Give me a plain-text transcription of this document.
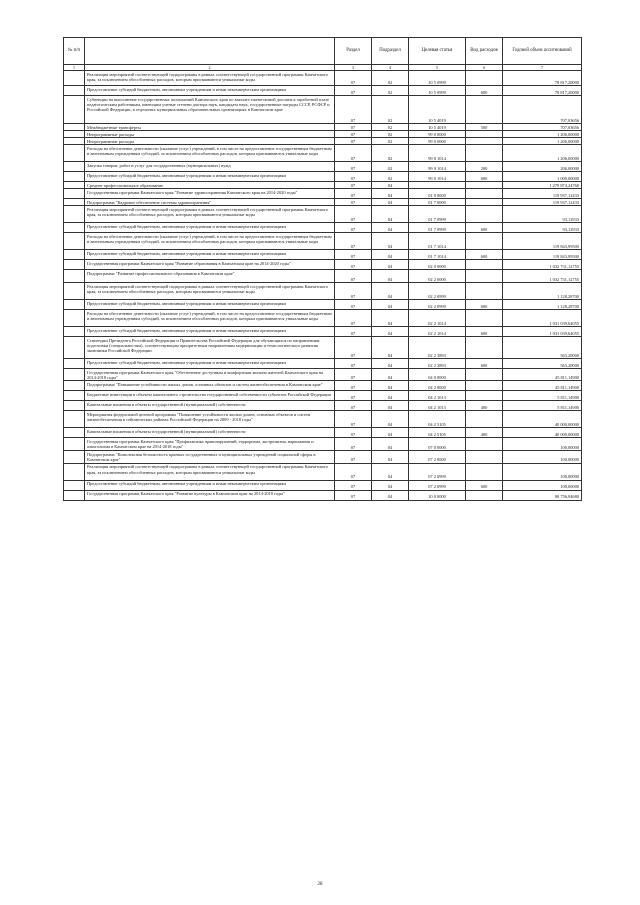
№ п/п		Раздел	Подраздел	Целевая статья	Вид расходов	Годовой объем ассигнований
1	2	3	4	5	6	7
	Реализация мероприятий соответствующей подпрограммы в рамках соответствующей государственной программы Камчатского края, за исключением обособленных расходов, которым присваиваются уникальные коды	07	02	10 5 0999		78 817,20000
	Предоставление субсидий бюджетным, автономным учреждениям и иным некоммерческим организациям	07	02	10 5 0999	600	78 817,20000
	Субвенции на выполнение государственных полномочий Камчатского края по выплате ежемесячной доплаты к заработной плате педагогическим работникам, имеющим ученые степени доктора наук, кандидата наук, государственные награды СССР, РСФСР и Российской Федерации, в отдельных муниципальных образовательных организациях в Камчатском крае	07	02	10 5 4019		707,03656
	Межбюджетные трансферты	07	02	10 5 4019	500	707,03656
	Непрограммные расходы	07	02	99 0 0000		1 206,00000
	Непрограммные расходы	07	02	99 0 0000		1 206,00000
	Расходы на обеспечение деятельности (оказание услуг) учреждений, в том числе на предоставление государственным бюджетным и автономным учреждениям субсидий, за исключением обособленных расходов, которым присваиваются уникальные коды	07	02	99 0 1014		1 206,00000
	Закупка товаров, работ и услуг для государственных (муниципальных) нужд	07	02	99 0 1014	200	206,00000
	Предоставление субсидий бюджетным, автономным учреждениям и иным некоммерческим организациям	07	02	99 0 1014	600	1 000,00000
	Среднее профессиональное образование	07	04			1 279 874,24768
	Государственная программа Камчатского края "Развитие здравоохранения Камчатского края на 2014-2020 годы"	07	04	01 0 0000		119 937,12433
	Подпрограмма "Кадровое обеспечение системы здравоохранения"	07	04	01 7 0000		119 937,12433
	Реализация мероприятий соответствующей подпрограммы в рамках соответствующей государственной программы Камчатского края, за исключением обособленных расходов, которым присваиваются уникальные коды	07	04	01 7 0999		93,12933
	Предоставление субсидий бюджетным, автономным учреждениям и иным некоммерческим организациям	07	04	01 7 0999	600	93,12933
	Расходы на обеспечение деятельности (оказание услуг) учреждений, в том числе на предоставление государственным бюджетным и автономным учреждениям субсидий, за исключением обособленных расходов, которым присваиваются уникальные коды	07	04	01 7 1014		119 843,99500
	Предоставление субсидий бюджетным, автономным учреждениям и иным некоммерческим организациям	07	04	01 7 1014	600	119 843,99500
	Государственная программа Камчатского края "Развитие образования в Камчатском крае на 2014-2020 годы"	07	04	02 0 0000		1 032 731,12755
	Подпрограмма "Развитие профессионального образования в Камчатском крае"	07	04	02 2 0000		1 032 731,12755
	Реализация мероприятий соответствующей подпрограммы в рамках соответствующей государственной программы Камчатского края, за исключением обособленных расходов, которым присваиваются уникальные коды	07	04	02 2 0999		1 128,28700
	Предоставление субсидий бюджетным, автономным учреждениям и иным некоммерческим организациям	07	04	02 2 0999	600	1 128,28700
	Расходы на обеспечение деятельности (оказание услуг) учреждений, в том числе на предоставление государственным бюджетным и автономным учреждениям субсидий, за исключением обособленных расходов, которым присваиваются уникальные коды	07	04	02 2 1014		1 031 039,64055
	Предоставление субсидий бюджетным, автономным учреждениям и иным некоммерческим организациям	07	04	02 2 1014	600	1 031 039,64055
	Стипендии Президента Российской Федерации и Правительства Российской Федерации для обучающихся по направлениям подготовки (специальностям), соответствующим приоритетным направлениям модернизации и технологического развития экономики Российской Федерации	07	04	02 2 3893		563,20000
	Предоставление субсидий бюджетным, автономным учреждениям и иным некоммерческим организациям	07	04	02 2 3893	600	563,20000
	Государственная программа Камчатского края "Обеспечение доступным и комфортным жильем жителей Камчатского края на 2014-2018 годы"	07	04	04 0 0000		45 811,14900
	Подпрограмма "Повышение устойчивости жилых домов, основных объектов и систем жизнеобеспечения в Камчатском крае"	07	04	04 2 0000		45 811,14900
	Бюджетные инвестиции в объекты капитального строительства государственной собственности субъектов Российской Федерации	07	04	04 2 1013		5 811,14900
	Капитальные вложения в объекты государственной (муниципальной) собственности	07	04	04 2 1013	400	5 811,14900
	Мероприятия федеральной целевой программы "Повышение устойчивости жилых домов, основных объектов и систем жизнеобеспечения в сейсмических районах Российской Федерации на 2009 - 2018 годы"	07	04	04 2 5105		40 000,00000
	Капитальные вложения в объекты государственной (муниципальной) собственности	07	04	04 2 5105	400	40 000,00000
	Государственная программа Камчатского края "Профилактика правонарушений, терроризма, экстремизма, наркомании и алкоголизма в Камчатском крае на 2014-2018 годы"	07	04	07 0 0000		100,00000
	Подпрограмма "Комплексная безопасность краевых государственных и муниципальных учреждений социальной сферы в Камчатском крае"	07	04	07 2 0000		100,00000
	Реализация мероприятий соответствующей подпрограммы в рамках соответствующей государственной программы Камчатского края, за исключением обособленных расходов, которым присваиваются уникальные коды	07	04	07 2 0999		100,00000
	Предоставление субсидий бюджетным, автономным учреждениям и иным некоммерческим организациям	07	04	07 2 0999	600	100,00000
	Государственная программа Камчатского края "Развитие культуры в Камчатском крае на 2014-2018 годы"	07	04	10 0 0000		80 756,94680
28
